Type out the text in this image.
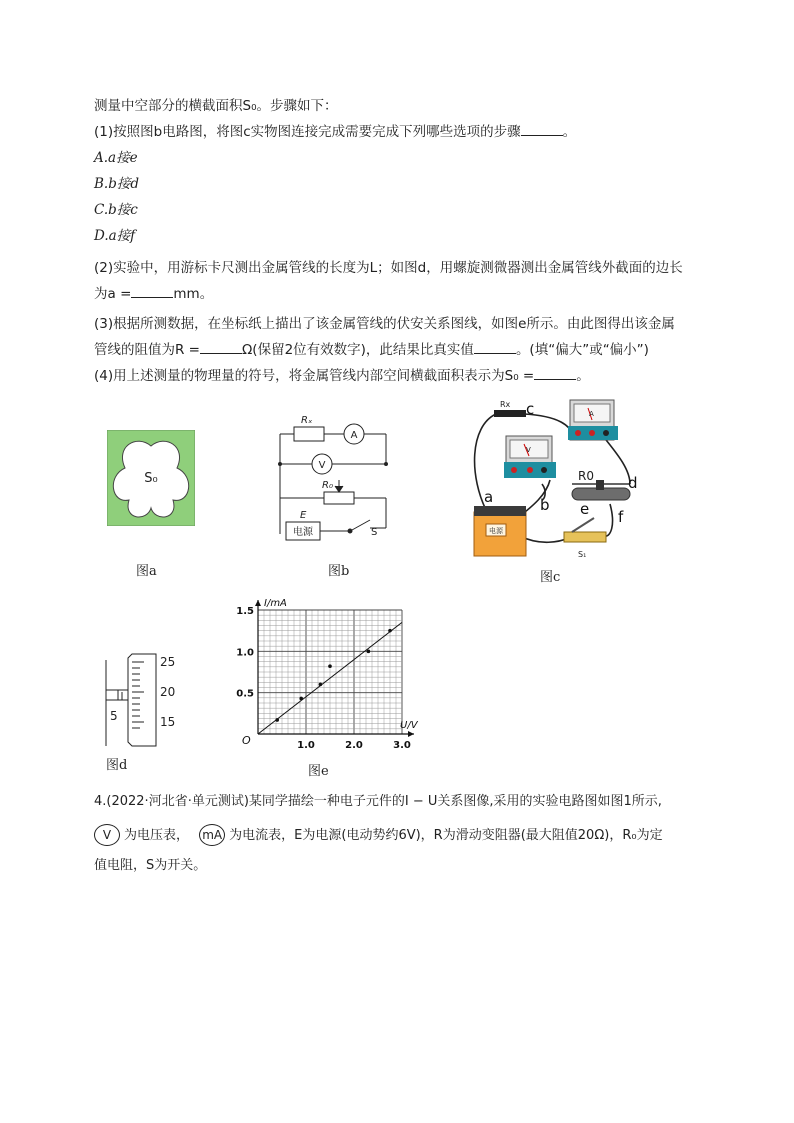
测量中空部分的横截面积S₀。步骤如下：
(1)按照图b电路图，将图c实物图连接完成需要完成下列哪些选项的步骤	。
A.a接e
B.b接d
C.b接c
D.a接f
(2)实验中，用游标卡尺测出金属管线的长度为L；如图d，用螺旋测微器测出金属管线外截面的边长
为a =	mm。
(3)根据所测数据，在坐标纸上描出了该金属管线的伏安关系图线，如图e所示。由此图得出该金属
管线的阻值为R =	Ω(保留2位有效数字)，此结果比真实值	。(填“偏大”或“偏小”)
(4)用上述测量的物理量的符号，将金属管线内部空间横截面积表示为S₀ =	。
S₀
图a
Rₓ
A
V
R₀
E
电源	S
图b
电源
Rx
R0
S₁
A
V
a	b
c
d
e f
图c
25
20
15
5
图d
I/mA
U/V
O	1.0	2.0	3.0
0.5
1.0
1.5
图e
4.(2022·河北省·单元测试)某同学描绘一种电子元件的I − U关系图像,采用的实验电路图如图1所示,
V 为电压表， mA 为电流表，E为电源(电动势约6V)，R为滑动变阻器(最大阻值20Ω)，R₀为定
值电阻，S为开关。
